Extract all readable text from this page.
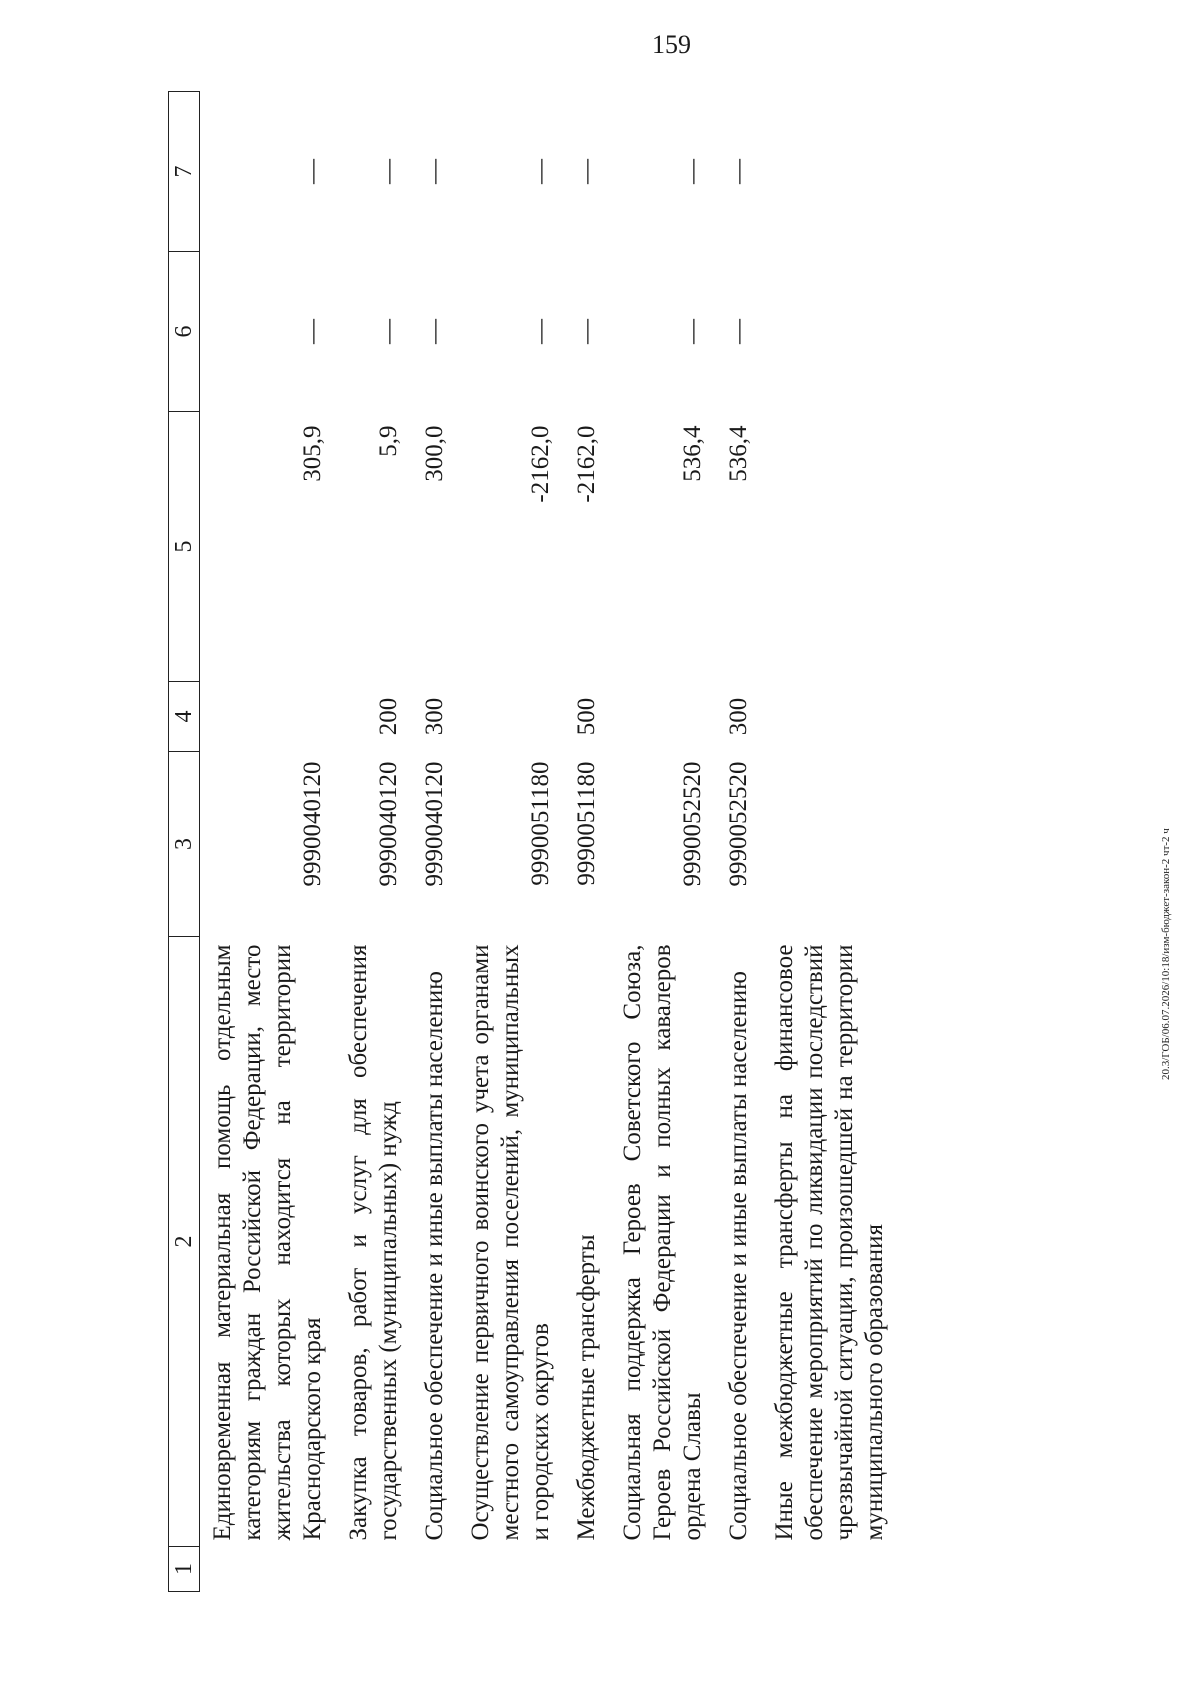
159
20.3/ГОБ/06.07.2026/10:18/изм-бюджет-закон-2 чт-2 ч
1	2	3	4	5	6	7
	Единовременная материальная помощь отдельным категориям граждан Российской Федерации, место жительства которых находится на территории Краснодарского края	9990040120		305,9	—	—
	Закупка товаров, работ и услуг для обеспечения государственных (муниципальных) нужд	9990040120	200	5,9	—	—
	Социальное обеспечение и иные выплаты населению	9990040120	300	300,0	—	—
	Осуществление первичного воинского учета органами местного самоуправления поселений, муниципальных и городских округов	9990051180		-2162,0	—	—
	Межбюджетные трансферты	9990051180	500	-2162,0	—	—
	Социальная поддержка Героев Советского Союза, Героев Российской Федерации и полных кавалеров ордена Славы	9990052520		536,4	—	—
	Социальное обеспечение и иные выплаты населению	9990052520	300	536,4	—	—
	Иные межбюджетные трансферты на финансовое обеспечение мероприятий по ликвидации последствий чрезвычайной ситуации, произошедшей на территории муниципального образования					
